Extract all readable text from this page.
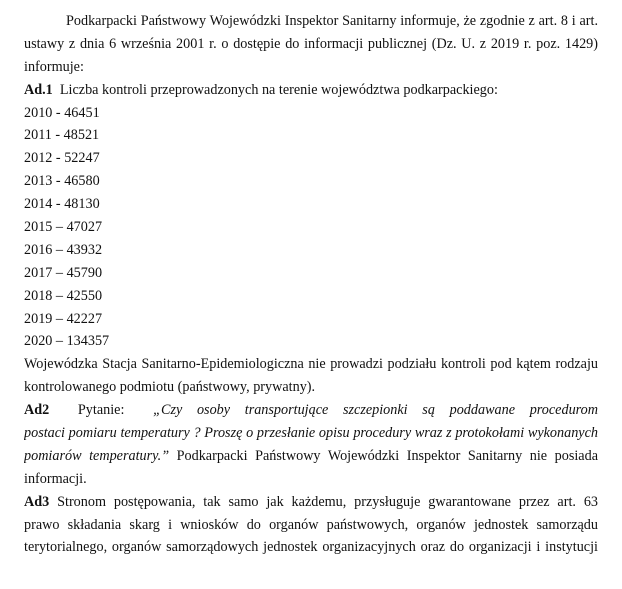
Podkarpacki Państwowy Wojewódzki Inspektor Sanitarny informuje, że zgodnie z art. 8 i art.
ustawy z dnia 6 września 2001 r. o dostępie do informacji publicznej (Dz. U. z 2019 r. poz. 1429)
informuje:
Ad.1 Liczba kontroli przeprowadzonych na terenie województwa podkarpackiego:
2010 - 46451
2011 - 48521
2012 - 52247
2013 - 46580
2014 - 48130
2015 – 47027
2016 – 43932
2017 – 45790
2018 – 42550
2019 – 42227
2020 – 134357
Wojewódzka Stacja Sanitarno-Epidemiologiczna nie prowadzi podziału kontroli pod kątem rodzaju
kontrolowanego podmiotu (państwowy, prywatny).
Ad2 Pytanie: „Czy osoby transportujące szczepionki są poddawane procedurom
postaci pomiaru temperatury ? Proszę o przesłanie opisu procedury wraz z protokołami wykonanych
pomiarów temperatury.” Podkarpacki Państwowy Wojewódzki Inspektor Sanitarny nie posiada
informacji.
Ad3 Stronom postępowania, tak samo jak każdemu, przysługuje gwarantowane przez art. 63
prawo składania skarg i wniosków do organów państwowych, organów jednostek samorządu
terytorialnego, organów samorządowych jednostek organizacyjnych oraz do organizacji i instytucji
